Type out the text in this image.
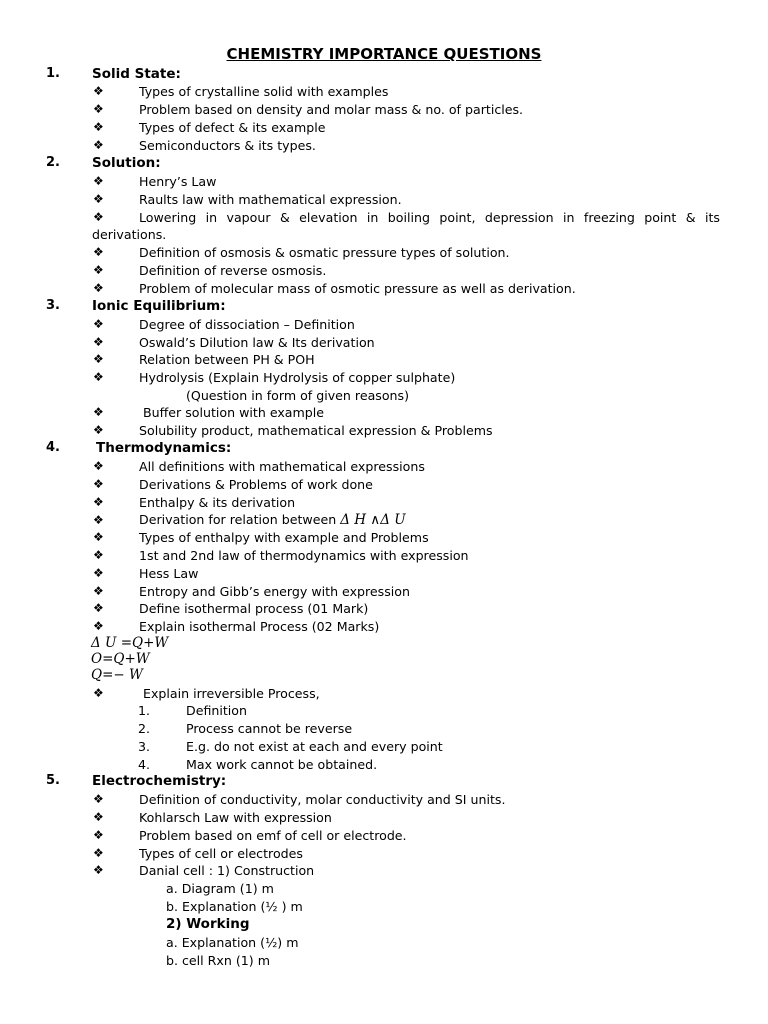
CHEMISTRY IMPORTANCE QUESTIONS
1. Solid State:
❖	Types of crystalline solid with examples
❖	Problem based on density and molar mass & no. of particles.
❖	Types of defect & its example
❖	Semiconductors & its types.
2. Solution:
❖	Henry’s Law
❖	Raults law with mathematical expression.
❖	Lowering in vapour & elevation in boiling point, depression in freezing point & its
derivations.
❖	Definition of osmosis & osmatic pressure types of solution.
❖	Definition of reverse osmosis.
❖	Problem of molecular mass of osmotic pressure as well as derivation.
3. Ionic Equilibrium:
❖	Degree of dissociation – Definition
❖	Oswald’s Dilution law & Its derivation
❖	Relation between PH & POH
❖	Hydrolysis (Explain Hydrolysis of copper sulphate)
(Question in form of given reasons)
❖	Buffer solution with example
❖	Solubility product, mathematical expression & Problems
4.	Thermodynamics:
❖	All definitions with mathematical expressions
❖	Derivations & Problems of work done
❖	Enthalpy & its derivation
❖	Derivation for relation between Δ H ∧Δ U
❖	Types of enthalpy with example and Problems
❖	1st and 2nd law of thermodynamics with expression
❖	Hess Law
❖	Entropy and Gibb’s energy with expression
❖	Define isothermal process (01 Mark)
❖	Explain isothermal Process (02 Marks)
Δ U =Q+W
O=Q+W
Q=− W
❖	Explain irreversible Process,
1.	Definition
2.	Process cannot be reverse
3.	E.g. do not exist at each and every point
4.	Max work cannot be obtained.
5. Electrochemistry:
❖	Definition of conductivity, molar conductivity and SI units.
❖	Kohlarsch Law with expression
❖	Problem based on emf of cell or electrode.
❖	Types of cell or electrodes
❖	Danial cell : 1) Construction
a. Diagram (1) m
b. Explanation (½ ) m
2) Working
a. Explanation (½) m
b. cell Rxn (1) m
